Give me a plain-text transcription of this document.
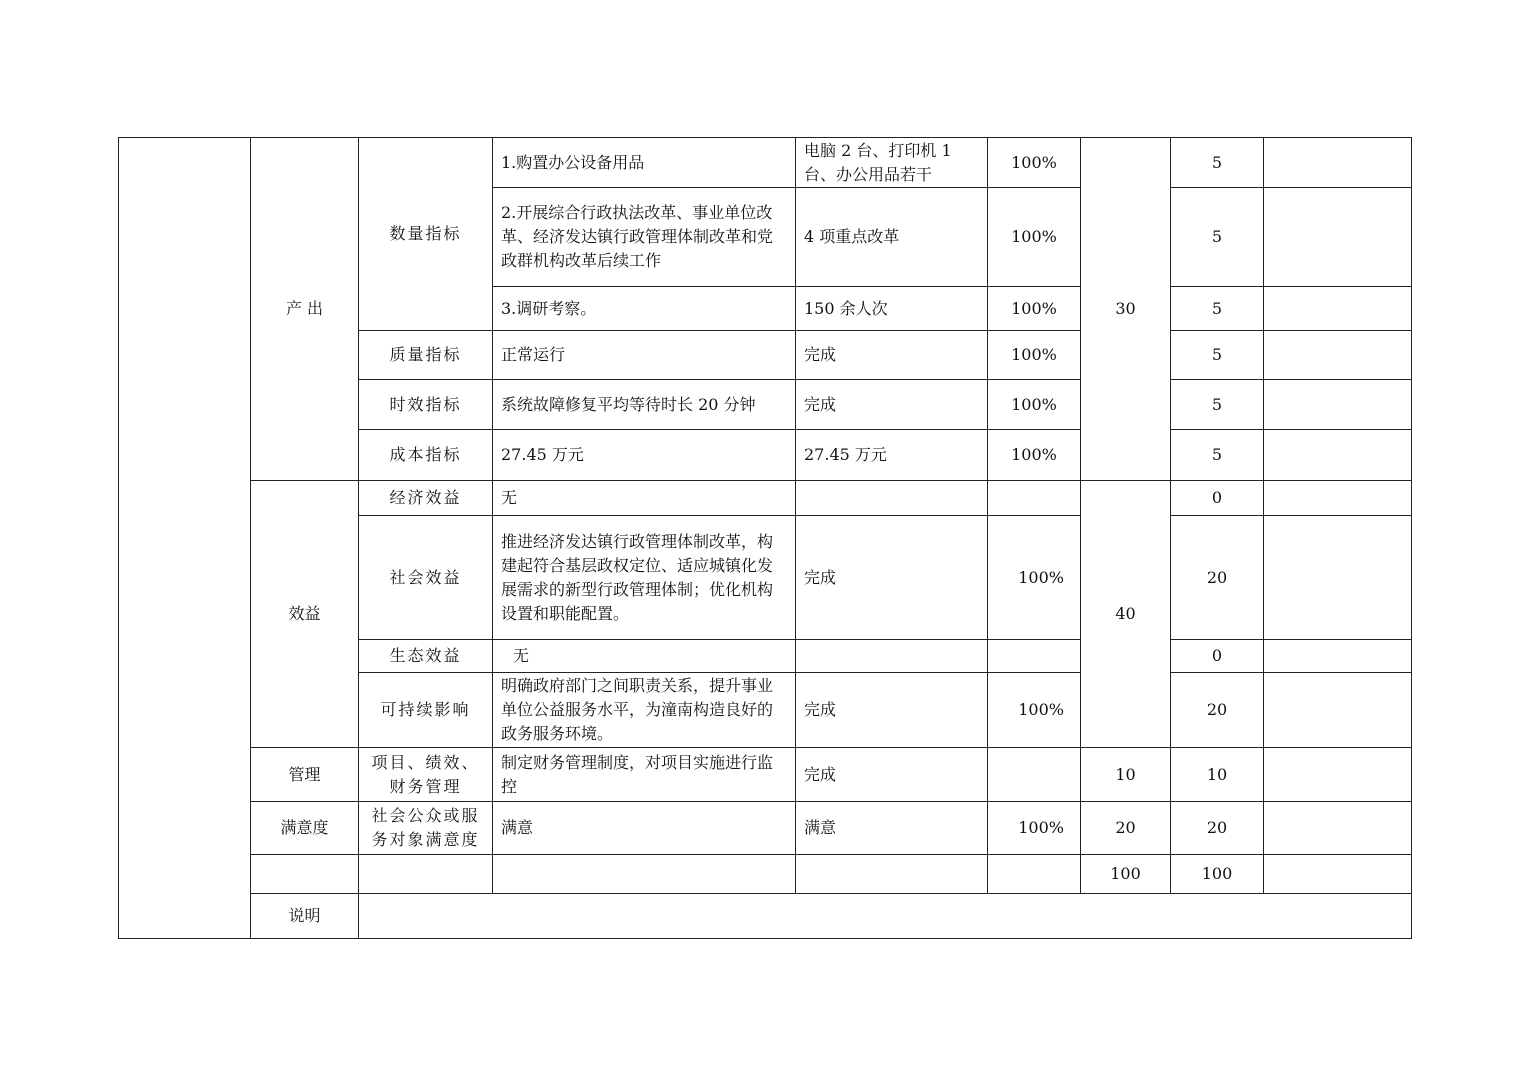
	产 出	数量指标	1.购置办公设备用品	电脑 2 台、打印机 1 台、办公用品若干	100%	30	5	
			2.开展综合行政执法改革、事业单位改革、经济发达镇行政管理体制改革和党政群机构改革后续工作	4 项重点改革	100%		5	
			3.调研考察。	150 余人次	100%		5	
		质量指标	正常运行	完成	100%		5	
		时效指标	系统故障修复平均等待时长 20 分钟	完成	100%		5	
		成本指标	27.45 万元	27.45 万元	100%		5	
	效益	经济效益	无			40	0	
		社会效益	推进经济发达镇行政管理体制改革，构建起符合基层政权定位、适应城镇化发展需求的新型行政管理体制；优化机构设置和职能配置。	完成	100%		20	
		生态效益	无				0	
		可持续影响	明确政府部门之间职责关系，提升事业单位公益服务水平，为潼南构造良好的政务服务环境。	完成	100%		20	
	管理	项目、绩效、财务管理	制定财务管理制度，对项目实施进行监控	完成		10	10	
	满意度	社会公众或服务对象满意度	满意	满意	100%	20	20	
						100	100	
	说明							
